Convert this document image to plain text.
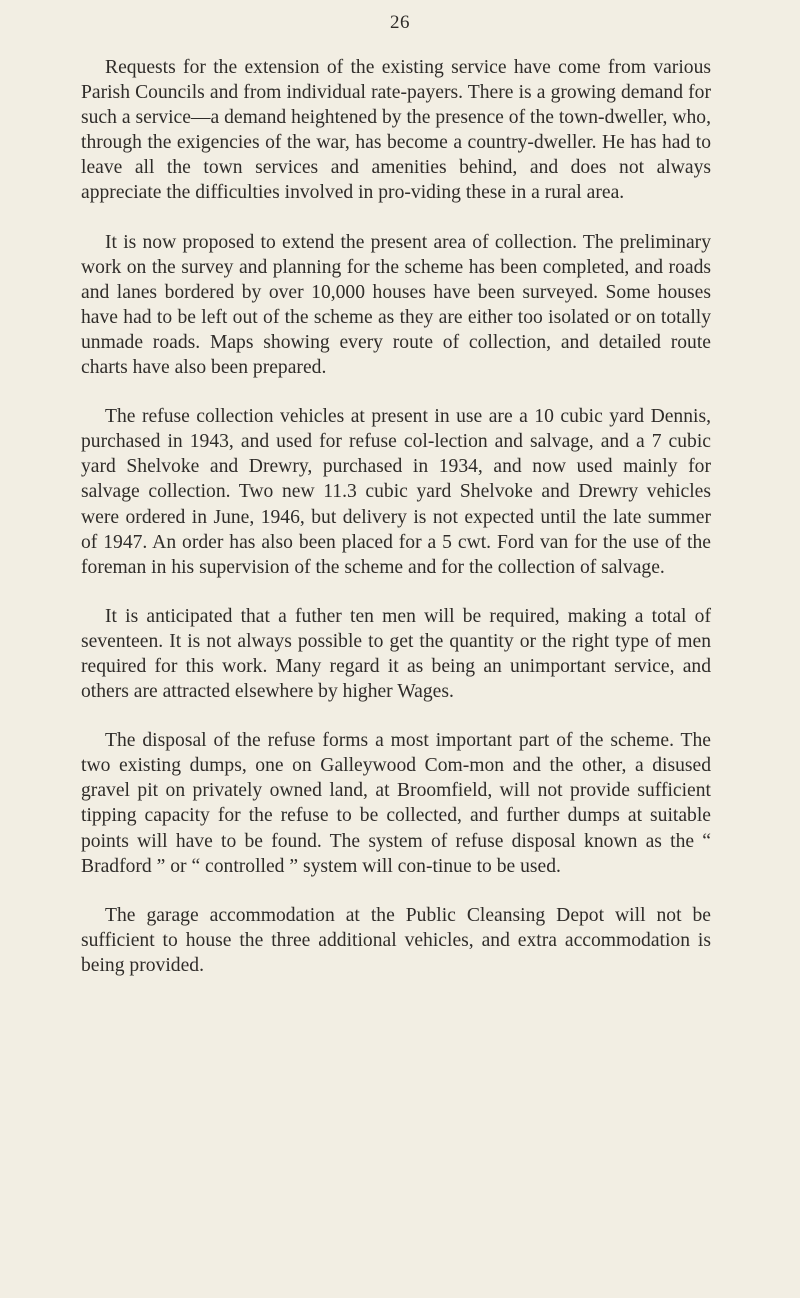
26

Requests for the extension of the existing service have come from various Parish Councils and from individual rate-payers. There is a growing demand for such a service—a demand heightened by the presence of the town-dweller, who, through the exigencies of the war, has become a country-dweller. He has had to leave all the town services and amenities behind, and does not always appreciate the difficulties involved in pro-viding these in a rural area.

It is now proposed to extend the present area of collection. The preliminary work on the survey and planning for the scheme has been completed, and roads and lanes bordered by over 10,000 houses have been surveyed. Some houses have had to be left out of the scheme as they are either too isolated or on totally unmade roads. Maps showing every route of collection, and detailed route charts have also been prepared.

The refuse collection vehicles at present in use are a 10 cubic yard Dennis, purchased in 1943, and used for refuse col-lection and salvage, and a 7 cubic yard Shelvoke and Drewry, purchased in 1934, and now used mainly for salvage collection. Two new 11.3 cubic yard Shelvoke and Drewry vehicles were ordered in June, 1946, but delivery is not expected until the late summer of 1947. An order has also been placed for a 5 cwt. Ford van for the use of the foreman in his supervision of the scheme and for the collection of salvage.

It is anticipated that a futher ten men will be required, making a total of seventeen. It is not always possible to get the quantity or the right type of men required for this work. Many regard it as being an unimportant service, and others are attracted elsewhere by higher Wages.

The disposal of the refuse forms a most important part of the scheme. The two existing dumps, one on Galleywood Com-mon and the other, a disused gravel pit on privately owned land, at Broomfield, will not provide sufficient tipping capacity for the refuse to be collected, and further dumps at suitable points will have to be found. The system of refuse disposal known as the “ Bradford ” or “ controlled ” system will con-tinue to be used.

The garage accommodation at the Public Cleansing Depot will not be sufficient to house the three additional vehicles, and extra accommodation is being provided.
